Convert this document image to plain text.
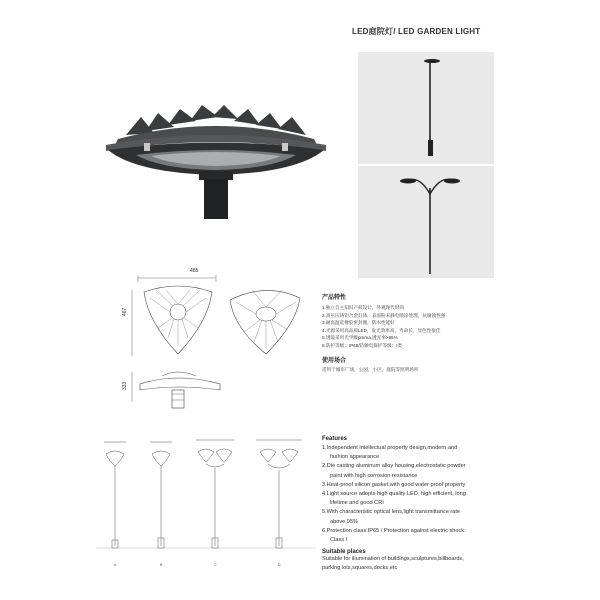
LED庭院灯/ LED GARDEN LIGHT
485
467
333
产品特性
1.独立自主知识产权设计，外观现代时尚
2.高压压铸铝合金灯体，表面粉末静电喷涂处理，抗腐蚀性强
3.耐高温硅橡胶密封圈，防水性能好
4.光源采用高品质LED，发光效率高，寿命长，显色性很佳
5.透镜采用光学级pmma,透光率>95%
6.防护等级：IP65/防触电保护等级：I类
使用场合
适用于城市广场，公园，小区，庭院等照明场所
Features
1.Independent intellectual property design,modern and
fashion appearance
2.Die casting aluminum alloy housing,electrostatic powder
paint with high corrosion resistance
3.Heat-proof silicon gasket,with good water proof property
4.Light source adopts high quality LED, high efficient, long
lifetime and good CRI
5.With characteristic optical lens,light transmittance rate
above 95%
6.Protection class:IP65 / Protection against electric shock:
Class I
Suitable places
Suitable for illumination of buildings,sculptures,billboards,
parking lots,squares,docks,etc
A	B	C	D
